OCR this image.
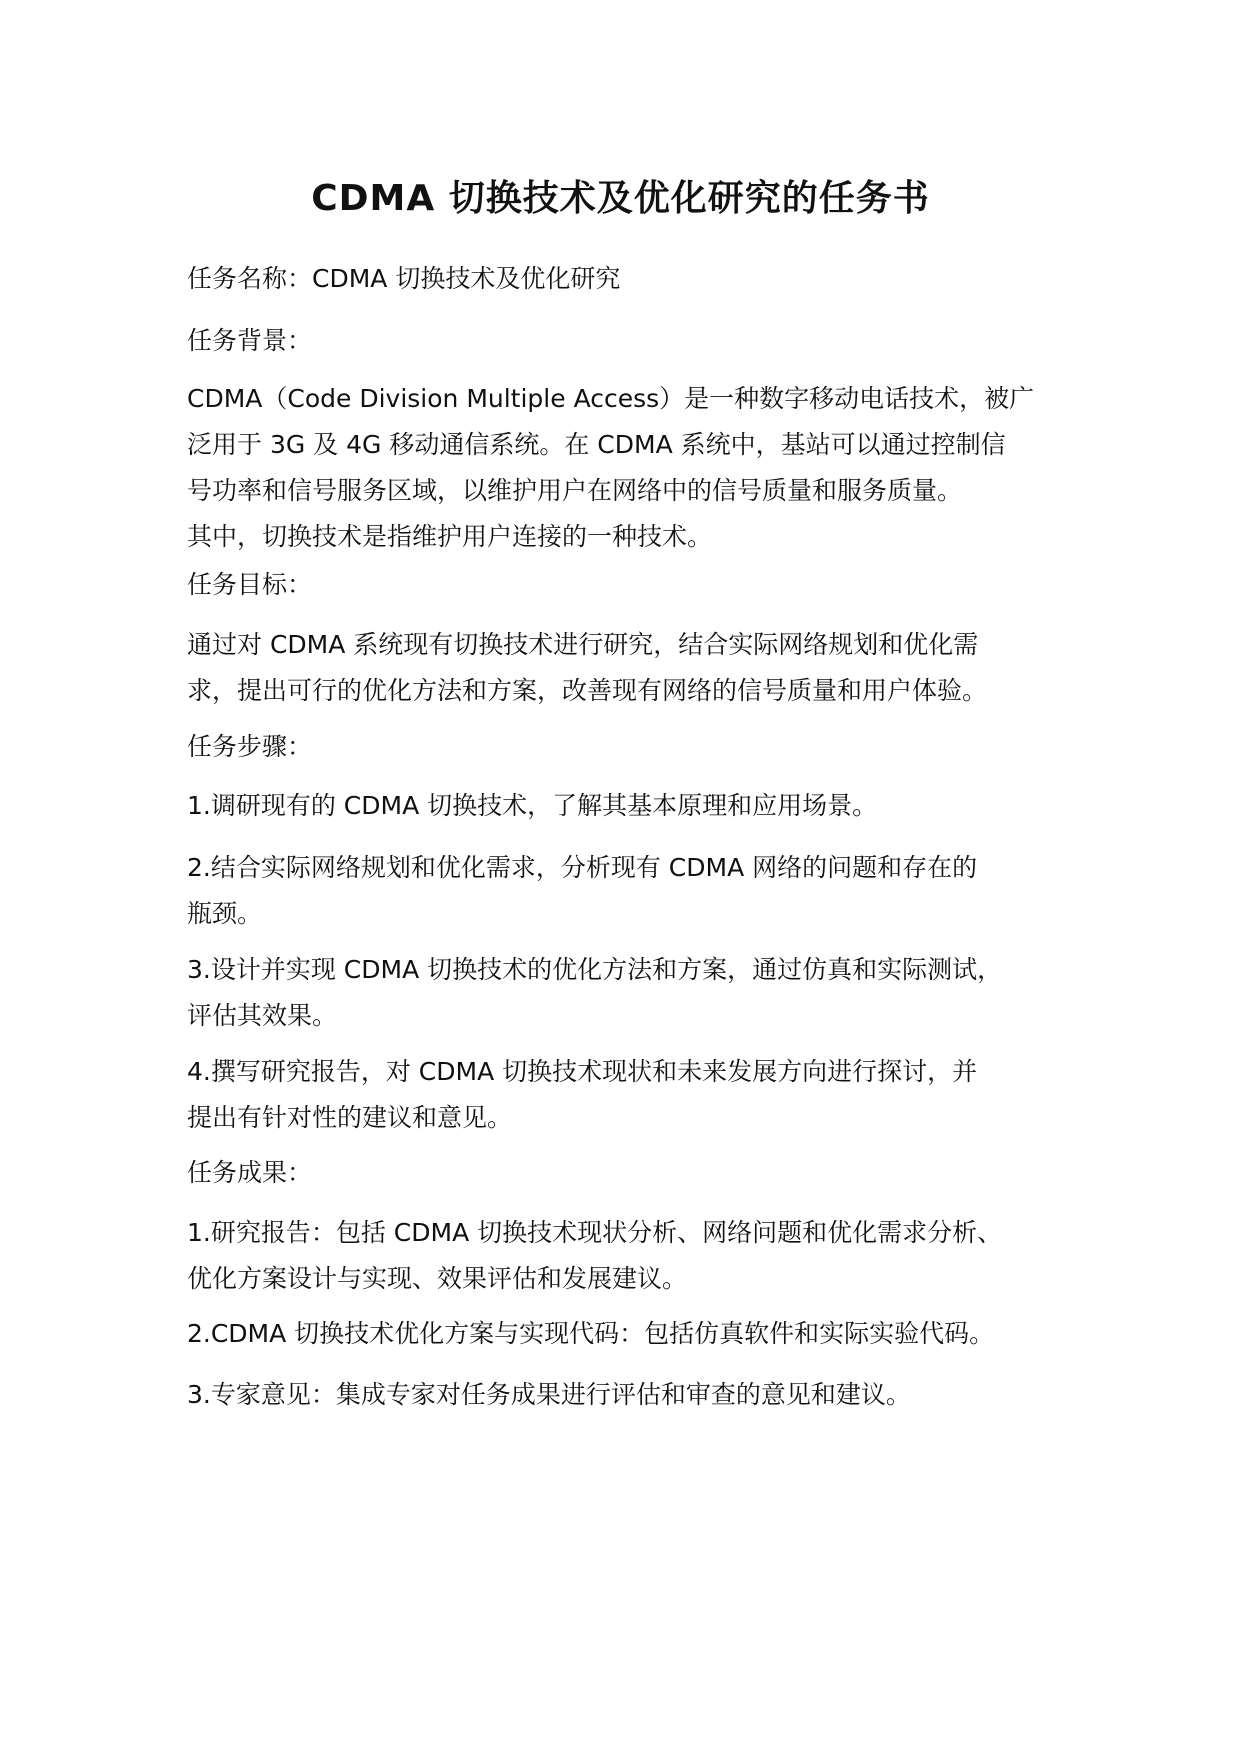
CDMA 切换技术及优化研究的任务书
任务名称：CDMA 切换技术及优化研究
任务背景：
CDMA（Code Division Multiple Access）是一种数字移动电话技术，被广
泛用于 3G 及 4G 移动通信系统。在 CDMA 系统中，基站可以通过控制信
号功率和信号服务区域，以维护用户在网络中的信号质量和服务质量。
其中，切换技术是指维护用户连接的一种技术。
任务目标：
通过对 CDMA 系统现有切换技术进行研究，结合实际网络规划和优化需
求，提出可行的优化方法和方案，改善现有网络的信号质量和用户体验。
任务步骤：
1.调研现有的 CDMA 切换技术，了解其基本原理和应用场景。
2.结合实际网络规划和优化需求，分析现有 CDMA 网络的问题和存在的
瓶颈。
3.设计并实现 CDMA 切换技术的优化方法和方案，通过仿真和实际测试，
评估其效果。
4.撰写研究报告，对 CDMA 切换技术现状和未来发展方向进行探讨，并
提出有针对性的建议和意见。
任务成果：
1.研究报告：包括 CDMA 切换技术现状分析、网络问题和优化需求分析、
优化方案设计与实现、效果评估和发展建议。
2.CDMA 切换技术优化方案与实现代码：包括仿真软件和实际实验代码。
3.专家意见：集成专家对任务成果进行评估和审查的意见和建议。
